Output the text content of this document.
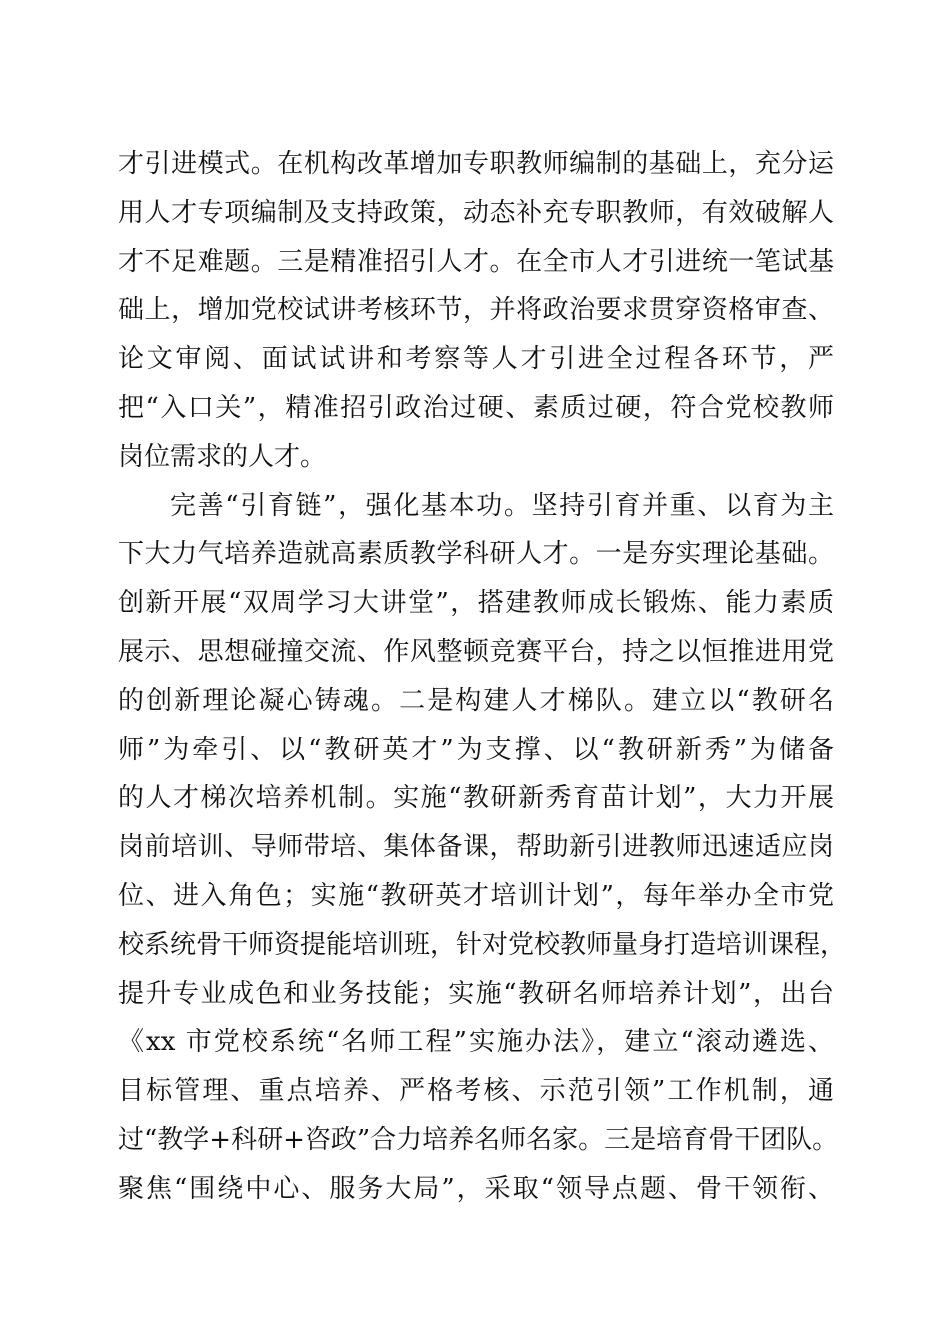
才引进模式。在机构改革增加专职教师编制的基础上，充分运
用人才专项编制及支持政策，动态补充专职教师，有效破解人
才不足难题。三是精准招引人才。在全市人才引进统一笔试基
础上，增加党校试讲考核环节，并将政治要求贯穿资格审查、
论文审阅、面试试讲和考察等人才引进全过程各环节，严
把“入口关”，精准招引政治过硬、素质过硬，符合党校教师
岗位需求的人才。
完善“引育链”，强化基本功。坚持引育并重、以育为主
下大力气培养造就高素质教学科研人才。一是夯实理论基础。
创新开展“双周学习大讲堂”，搭建教师成长锻炼、能力素质
展示、思想碰撞交流、作风整顿竞赛平台，持之以恒推进用党
的创新理论凝心铸魂。二是构建人才梯队。建立以“教研名
师”为牵引、以“教研英才”为支撑、以“教研新秀”为储备
的人才梯次培养机制。实施“教研新秀育苗计划”，大力开展
岗前培训、导师带培、集体备课，帮助新引进教师迅速适应岗
位、进入角色；实施“教研英才培训计划”，每年举办全市党
校系统骨干师资提能培训班，针对党校教师量身打造培训课程，
提升专业成色和业务技能；实施“教研名师培养计划”，出台
《xx 市党校系统“名师工程”实施办法》，建立“滚动遴选、
目标管理、重点培养、严格考核、示范引领”工作机制，通
过“教学+科研+咨政”合力培养名师名家。三是培育骨干团队。
聚焦“围绕中心、服务大局”，采取“领导点题、骨干领衔、
